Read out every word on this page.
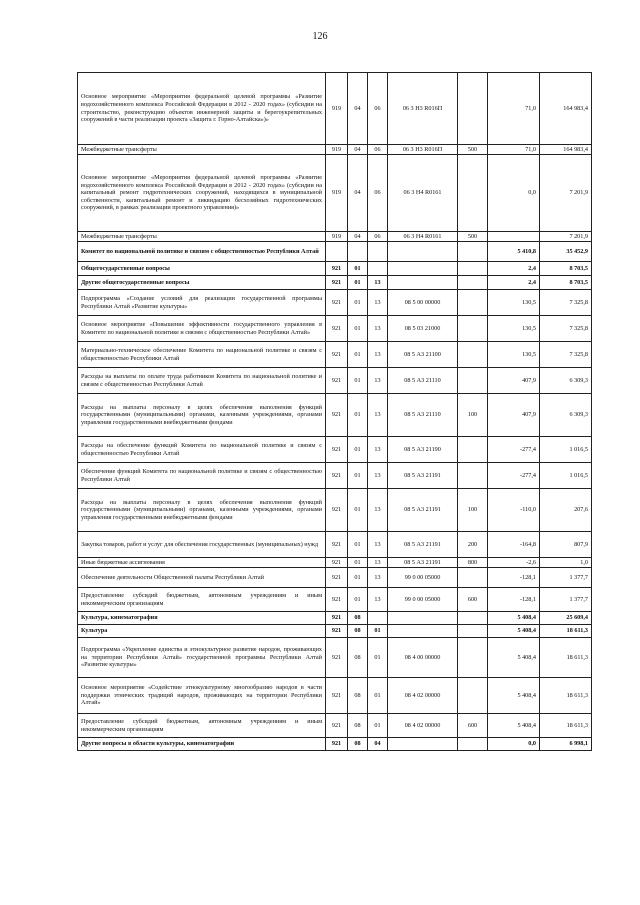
126
Основное мероприятие «Мероприятия федеральной целевой программы «Развитие водохозяйственного комплекса Российской Федерации в 2012 - 2020 годах» (субсидии на строительство, реконструкцию объектов инженерной защиты и берегоукрепительных сооружений в части реализации проекта «Защита г. Горно-Алтайска»)»	919	04	06	06 3 Н3 R016П		71,0	164 983,4
Межбюджетные трансферты	919	04	06	06 3 Н3 R016П	500	71,0	164 983,4
Основное мероприятие «Мероприятия федеральной целевой программы «Развитие водохозяйственного комплекса Российской Федерации в 2012 - 2020 годах» (субсидии на капитальный ремонт гидротехнических сооружений, находящихся в муниципальной собственности, капитальный ремонт и ликвидацию бесхозяйных гидротехнических сооружений, в рамках реализации проектного управления)»	919	04	06	06 3 Н4 R0161		0,0	7 201,9
Межбюджетные трансферты	919	04	06	06 3 Н4 R0161	500		7 201,9
Комитет по национальной политике и связям с общественностью Республики Алтай						5 410,8	35 452,9
Общегосударственные вопросы	921	01				2,4	8 703,5
Другие общегосударственные вопросы	921	01	13			2,4	8 703,5
Подпрограмма «Создание условий для реализации государственной программы Республики Алтай «Развитие культуры»	921	01	13	08 5 00 00000		130,5	7 325,8
Основное мероприятие «Повышение эффективности государственного управления в Комитете по национальной политике и связям с общественностью Республики Алтай»	921	01	13	08 5 03 21000		130,5	7 325,8
Материально-техническое обеспечение Комитета по национальной политике и связям с общественностью Республики Алтай	921	01	13	08 5 А3 21100		130,5	7 325,8
Расходы на выплаты по оплате труда работников Комитета по национальной политике и связям с общественностью Республики Алтай	921	01	13	08 5 А3 21110		407,9	6 309,3
Расходы на выплаты персоналу в целях обеспечения выполнения функций государственными (муниципальными) органами, казенными учреждениями, органами управления государственными внебюджетными фондами	921	01	13	08 5 А3 21110	100	407,9	6 309,3
Расходы на обеспечение функций Комитета по национальной политике и связям с общественностью Республики Алтай	921	01	13	08 5 А3 21190		-277,4	1 016,5
Обеспечение функций Комитета по национальной политике и связям с общественностью Республики Алтай	921	01	13	08 5 А3 21191		-277,4	1 016,5
Расходы на выплаты персоналу в целях обеспечения выполнения функций государственными (муниципальными) органами, казенными учреждениями, органами управления государственными внебюджетными фондами	921	01	13	08 5 А3 21191	100	-110,0	207,6
Закупка товаров, работ и услуг для обеспечения государственных (муниципальных) нужд	921	01	13	08 5 А3 21191	200	-164,8	807,9
Иные бюджетные ассигнования	921	01	13	08 5 А3 21191	800	-2,6	1,0
Обеспечение деятельности Общественной палаты Республики Алтай	921	01	13	99 0 00 05000		-128,1	1 377,7
Предоставление субсидий бюджетным, автономным учреждениям и иным некоммерческим организациям	921	01	13	99 0 00 05000	600	-128,1	1 377,7
Культура, кинематография	921	08				5 408,4	25 609,4
Культура	921	08	01			5 408,4	18 611,3
Подпрограмма «Укрепление единства и этнокультурное развитие народов, проживающих на территории Республики Алтай» государственной программы Республики Алтай «Развитие культуры»	921	08	01	08 4 00 00000		5 408,4	18 611,3
Основное мероприятие «Содействие этнокультурному многообразию народов в части поддержки этнических традиций народов, проживающих на территории Республики Алтай»	921	08	01	08 4 02 00000		5 408,4	18 611,3
Предоставление субсидий бюджетным, автономным учреждениям и иным некоммерческим организациям	921	08	01	08 4 02 00000	600	5 408,4	18 611,3
Другие вопросы в области культуры, кинематографии	921	08	04			0,0	6 998,1
